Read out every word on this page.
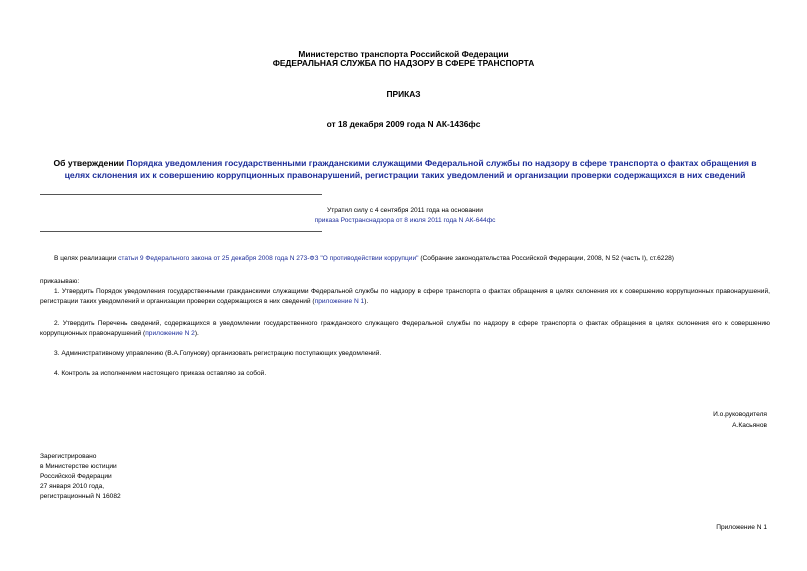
Министерство транспорта Российской Федерации
ФЕДЕРАЛЬНАЯ СЛУЖБА ПО НАДЗОРУ В СФЕРЕ ТРАНСПОРТА
ПРИКАЗ
от 18 декабря 2009 года N АК-1436фс
Об утверждении Порядка уведомления государственными гражданскими служащими Федеральной службы по надзору в сфере транспорта о фактах обращения в целях склонения их к совершению коррупционных правонарушений, регистрации таких уведомлений и организации проверки содержащихся в них сведений

Утратил силу с 4 сентября 2011 года на основании

приказа Ространснадзора от 8 июля 2011 года N АК-644фс

В целях реализации статьи 9 Федерального закона от 25 декабря 2008 года N 273-ФЗ "О противодействии коррупции" (Собрание законодательства Российской Федерации, 2008, N 52 (часть I), ст.6228)

приказываю:

1. Утвердить Порядок уведомления государственными гражданскими служащими Федеральной службы по надзору в сфере транспорта о фактах обращения в целях склонения их к совершению коррупционных правонарушений, регистрации таких уведомлений и организации проверки содержащихся в них сведений (приложение N 1).

2. Утвердить Перечень сведений, содержащихся в уведомлении государственного гражданского служащего Федеральной службы по надзору в сфере транспорта о фактах обращения в целях склонения его к совершению коррупционных правонарушений (приложение N 2).

3. Административному управлению (В.А.Голунову) организовать регистрацию поступающих уведомлений.

4. Контроль за исполнением настоящего приказа оставляю за собой.

И.о.руководителя

А.Касьянов

Зарегистрировано

в Министерстве юстиции

Российской Федерации

27 января 2010 года,

регистрационный N 16082

Приложение N 1
